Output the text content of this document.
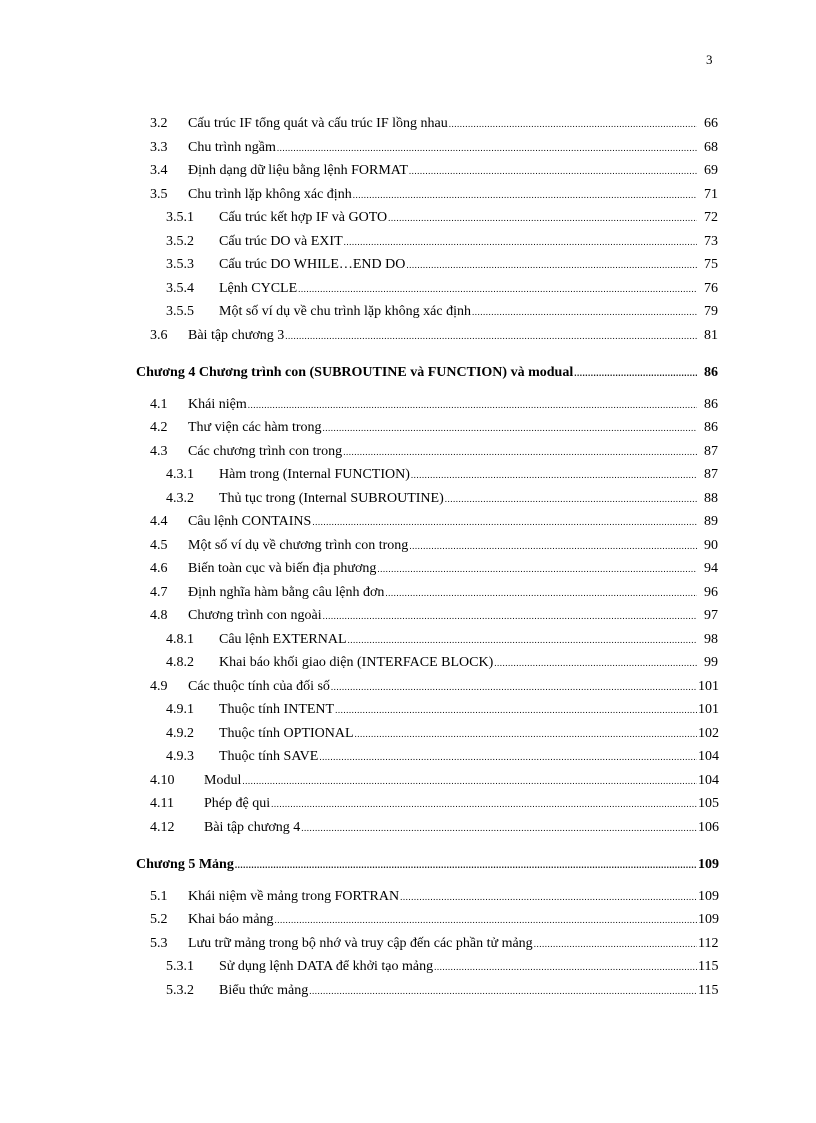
3
3.2 Cấu trúc IF tổng quát và cấu trúc IF lồng nhau .....	66
3.3 Chu trình ngầm .....	68
3.4 Định dạng dữ liệu bằng lệnh FORMAT .....	69
3.5 Chu trình lặp không xác định .....	71
3.5.1 Cấu trúc kết hợp IF và GOTO .....	72
3.5.2 Cấu trúc DO và EXIT .....	73
3.5.3 Cấu trúc DO WHILE…END DO .....	75
3.5.4 Lệnh CYCLE .....	76
3.5.5 Một số ví dụ về chu trình lặp không xác định .....	79
3.6 Bài tập chương 3 .....	81
Chương 4 Chương trình con (SUBROUTINE và FUNCTION) và modual .....	86
4.1 Khái niệm .....	86
4.2 Thư viện các hàm trong .....	86
4.3 Các chương trình con trong .....	87
4.3.1 Hàm trong (Internal FUNCTION) .....	87
4.3.2 Thủ tục trong (Internal SUBROUTINE) .....	88
4.4 Câu lệnh CONTAINS .....	89
4.5 Một số ví dụ về chương trình con trong .....	90
4.6 Biến toàn cục và biến địa phương .....	94
4.7 Định nghĩa hàm bằng câu lệnh đơn .....	96
4.8 Chương trình con ngoài .....	97
4.8.1 Câu lệnh EXTERNAL .....	98
4.8.2 Khai báo khối giao diện (INTERFACE BLOCK) .....	99
4.9 Các thuộc tính của đối số .....	101
4.9.1 Thuộc tính INTENT .....	101
4.9.2 Thuộc tính OPTIONAL .....	102
4.9.3 Thuộc tính SAVE .....	104
4.10 Modul .....	104
4.11 Phép đệ qui .....	105
4.12 Bài tập chương 4 .....	106
Chương 5 Mảng .....	109
5.1 Khái niệm về mảng trong FORTRAN .....	109
5.2 Khai báo mảng .....	109
5.3 Lưu trữ mảng trong bộ nhớ và truy cập đến các phần tử mảng .....	112
5.3.1 Sử dụng lệnh DATA để khởi tạo mảng .....	115
5.3.2 Biểu thức mảng .....	115
